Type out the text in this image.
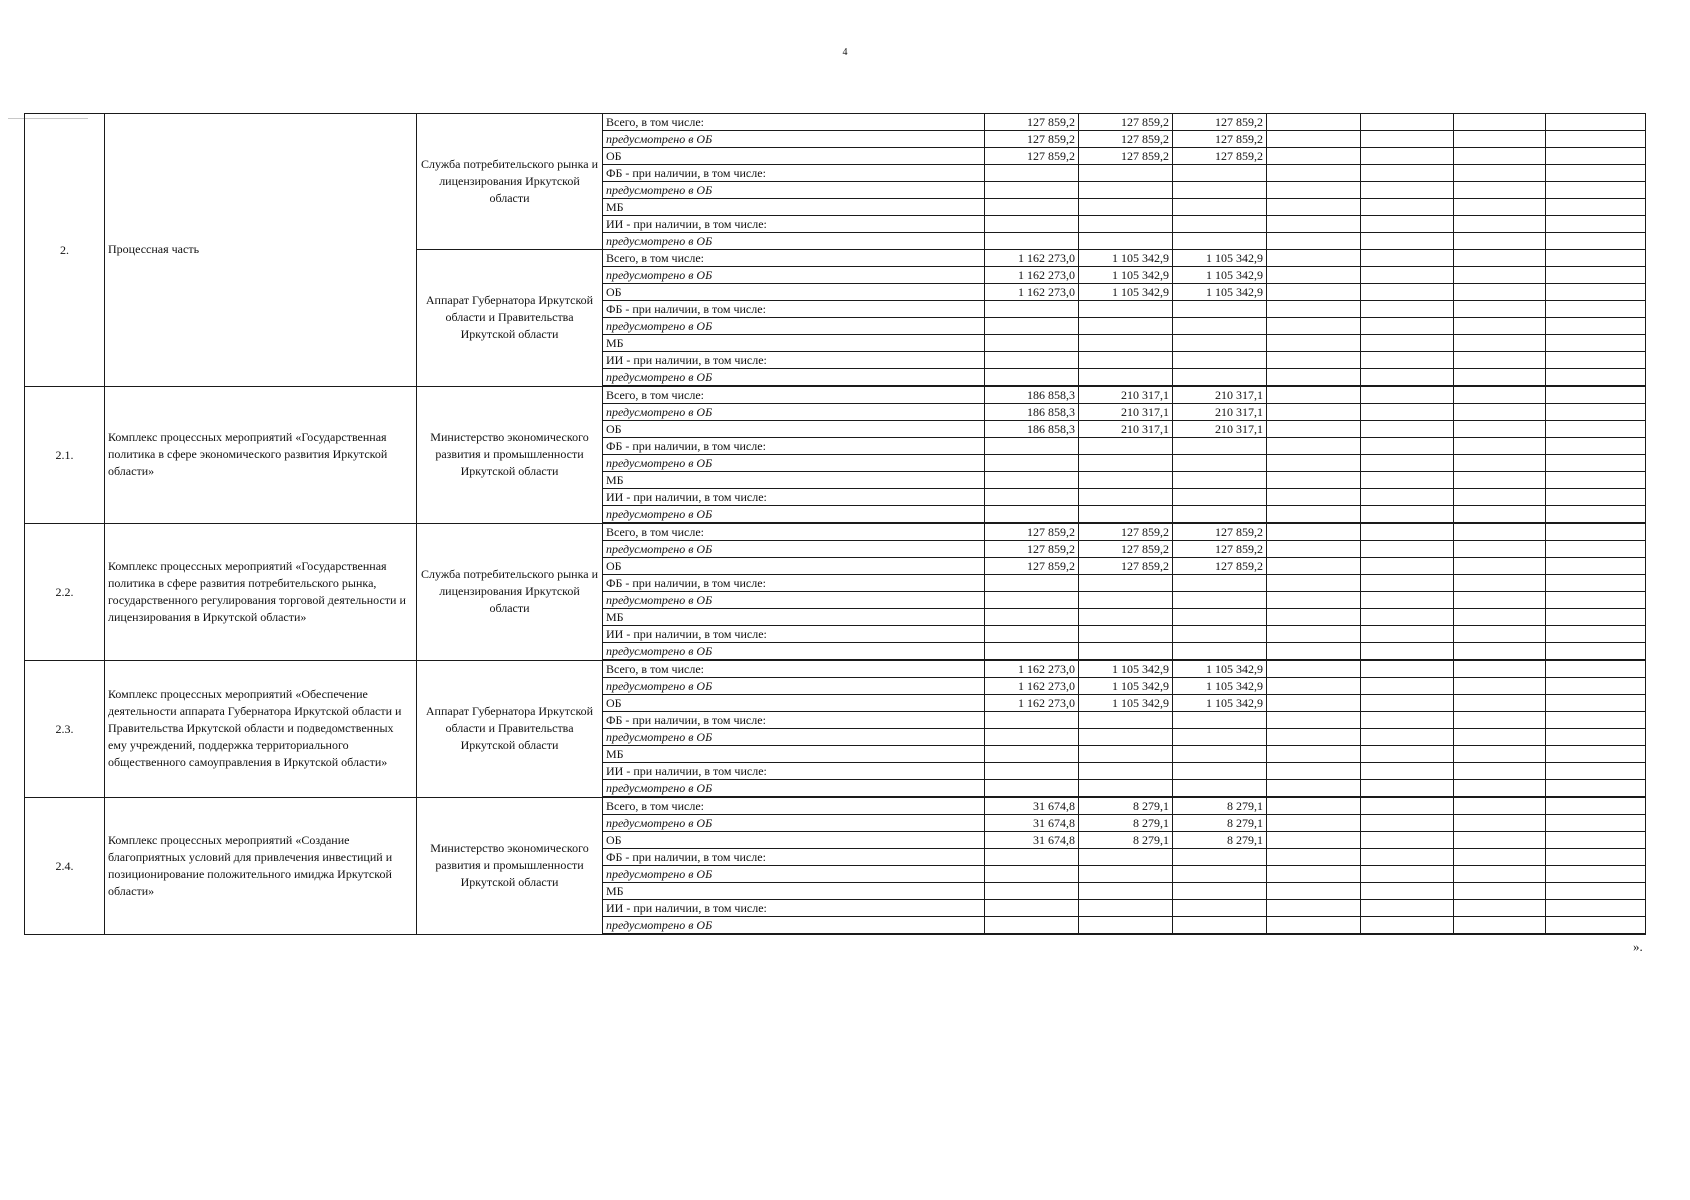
4
2.	Процессная часть	Служба потребительского рынка и лицензирования Иркутской области	Всего, в том числе:	127 859,2	127 859,2	127 859,2				
			предусмотрено в ОБ	127 859,2	127 859,2	127 859,2				
			ОБ	127 859,2	127 859,2	127 859,2				
			ФБ - при наличии, в том числе:							
			предусмотрено в ОБ							
			МБ							
			ИИ - при наличии, в том числе:							
			предусмотрено в ОБ							
		Аппарат Губернатора Иркутской области и Правительства Иркутской области	Всего, в том числе:	1 162 273,0	1 105 342,9	1 105 342,9				
			предусмотрено в ОБ	1 162 273,0	1 105 342,9	1 105 342,9				
			ОБ	1 162 273,0	1 105 342,9	1 105 342,9				
			ФБ - при наличии, в том числе:							
			предусмотрено в ОБ							
			МБ							
			ИИ - при наличии, в том числе:							
			предусмотрено в ОБ							
2.1.	Комплекс процессных мероприятий «Государственная политика в сфере экономического развития Иркутской области»	Министерство экономического развития и промышленности Иркутской области	Всего, в том числе:	186 858,3	210 317,1	210 317,1				
			предусмотрено в ОБ	186 858,3	210 317,1	210 317,1				
			ОБ	186 858,3	210 317,1	210 317,1				
			ФБ - при наличии, в том числе:							
			предусмотрено в ОБ							
			МБ							
			ИИ - при наличии, в том числе:							
			предусмотрено в ОБ							
2.2.	Комплекс процессных мероприятий «Государственная политика в сфере развития потребительского рынка, государственного регулирования торговой деятельности и лицензирования в Иркутской области»	Служба потребительского рынка и лицензирования Иркутской области	Всего, в том числе:	127 859,2	127 859,2	127 859,2				
			предусмотрено в ОБ	127 859,2	127 859,2	127 859,2				
			ОБ	127 859,2	127 859,2	127 859,2				
			ФБ - при наличии, в том числе:							
			предусмотрено в ОБ							
			МБ							
			ИИ - при наличии, в том числе:							
			предусмотрено в ОБ							
2.3.	Комплекс процессных мероприятий «Обеспечение деятельности аппарата Губернатора Иркутской области и Правительства Иркутской области и подведомственных ему учреждений, поддержка территориального общественного самоуправления в Иркутской области»	Аппарат Губернатора Иркутской области и Правительства Иркутской области	Всего, в том числе:	1 162 273,0	1 105 342,9	1 105 342,9				
			предусмотрено в ОБ	1 162 273,0	1 105 342,9	1 105 342,9				
			ОБ	1 162 273,0	1 105 342,9	1 105 342,9				
			ФБ - при наличии, в том числе:							
			предусмотрено в ОБ							
			МБ							
			ИИ - при наличии, в том числе:							
			предусмотрено в ОБ							
2.4.	Комплекс процессных мероприятий «Создание благоприятных условий для привлечения инвестиций и позиционирование положительного имиджа Иркутской области»	Министерство экономического развития и промышленности Иркутской области	Всего, в том числе:	31 674,8	8 279,1	8 279,1				
			предусмотрено в ОБ	31 674,8	8 279,1	8 279,1				
			ОБ	31 674,8	8 279,1	8 279,1				
			ФБ - при наличии, в том числе:							
			предусмотрено в ОБ							
			МБ							
			ИИ - при наличии, в том числе:							
			предусмотрено в ОБ							
».
